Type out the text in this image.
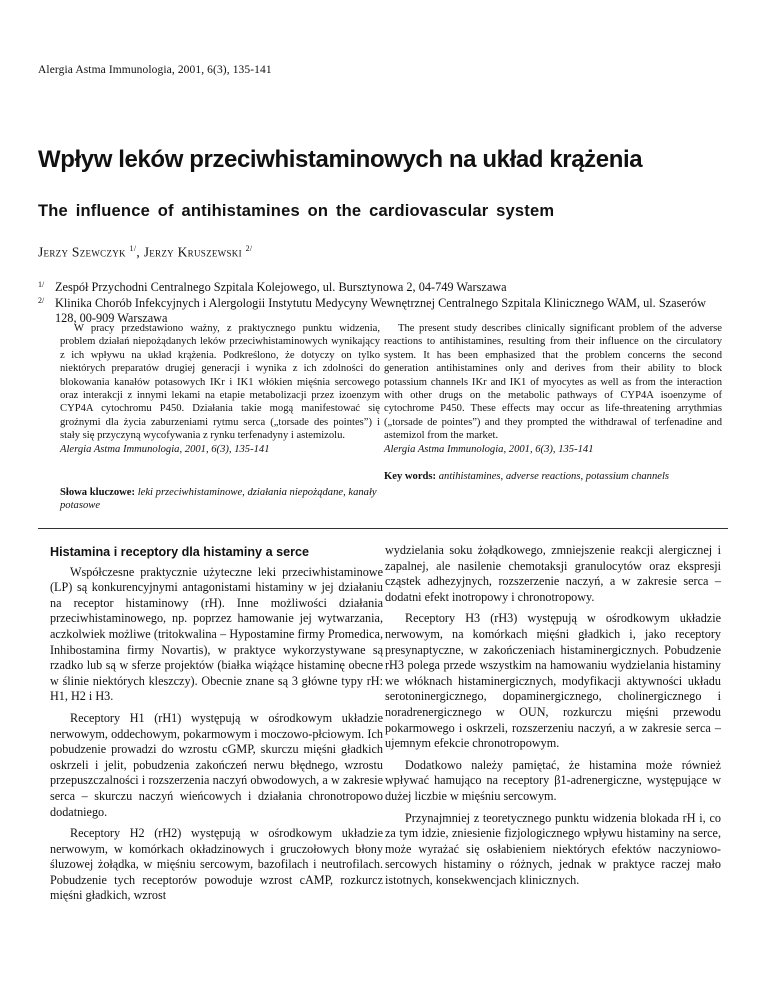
Alergia Astma Immunologia, 2001, 6(3), 135-141
Wpływ leków przeciwhistaminowych na układ krążenia
The influence of antihistamines on the cardiovascular system
Jerzy Szewczyk $^{1/}$, Jerzy Kruszewski $^{2/}$
1/ Zespół Przychodni Centralnego Szpitala Kolejowego, ul. Bursztynowa 2, 04-749 Warszawa
2/ Klinika Chorób Infekcyjnych i Alergologii Instytutu Medycyny Wewnętrznej Centralnego Szpitala Klinicznego WAM, ul. Szaserów 128, 00-909 Warszawa
W pracy przedstawiono ważny, z praktycznego punktu widzenia, problem działań niepożądanych leków przeciwhistaminowych wynikający z ich wpływu na układ krążenia. Podkreślono, że dotyczy on tylko niektórych preparatów drugiej generacji i wynika z ich zdolności do blokowania kanałów potasowych IKr i IK1 włókien mięśnia sercowego oraz interakcji z innymi lekami na etapie metabolizacji przez izoenzym CYP4A cytochromu P450. Działania takie mogą manifestować się groźnymi dla życia zaburzeniami rytmu serca („torsade des pointes”) i stały się przyczyną wycofywania z rynku terfenadyny i astemizolu.
Alergia Astma Immunologia, 2001, 6(3), 135-141
The present study describes clinically significant problem of the adverse reactions to antihistamines, resulting from their influence on the circulatory system. It has been emphasized that the problem concerns the second generation antihistamines only and derives from their ability to block potassium channels IKr and IK1 of myocytes as well as from the interaction with other drugs on the metabolic pathways of CYP4A isoenzyme of cytochrome P450. These effects may occur as life-threatening arrythmias („torsade de pointes”) and they prompted the withdrawal of terfenadine and astemizol from the market.
Alergia Astma Immunologia, 2001, 6(3), 135-141
Key words: antihistamines, adverse reactions, potassium channels
Słowa kluczowe: leki przeciwhistaminowe, działania niepożądane, kanały potasowe
Histamina i receptory dla histaminy a serce

Współczesne praktycznie użyteczne leki przeciwhistaminowe (LP) są konkurencyjnymi antagonistami histaminy w jej działaniu na receptor histaminowy (rH). Inne możliwości działania przeciwhistaminowego, np. poprzez hamowanie jej wytwarzania, aczkolwiek możliwe (tritokwalina – Hypostamine firmy Promedica, Inhibostamina firmy Novartis), w praktyce wykorzystywane są rzadko lub są w sferze projektów (białka wiążące histaminę obecne w ślinie niektórych kleszczy). Obecnie znane są 3 główne typy rH: H1, H2 i H3.

Receptory H1 (rH1) występują w ośrodkowym układzie nerwowym, oddechowym, pokarmowym i moczowo-płciowym. Ich pobudzenie prowadzi do wzrostu cGMP, skurczu mięśni gładkich oskrzeli i jelit, pobudzenia zakończeń nerwu błędnego, wzrostu przepuszczalności i rozszerzenia naczyń obwodowych, a w zakresie serca – skurczu naczyń wieńcowych i działania chronotropowo dodatniego.

Receptory H2 (rH2) występują w ośrodkowym układzie nerwowym, w komórkach okładzinowych i gruczołowych błony śluzowej żołądka, w mięśniu sercowym, bazofilach i neutrofilach. Pobudzenie tych receptorów powoduje wzrost cAMP, rozkurcz mięśni gładkich, wzrost

wydzielania soku żołądkowego, zmniejszenie reakcji alergicznej i zapalnej, ale nasilenie chemotaksji granulocytów oraz ekspresji cząstek adhezyjnych, rozszerzenie naczyń, a w zakresie serca – dodatni efekt inotropowy i chronotropowy.

Receptory H3 (rH3) występują w ośrodkowym układzie nerwowym, na komórkach mięśni gładkich i, jako receptory presynaptyczne, w zakończeniach histaminergicznych. Pobudzenie rH3 polega przede wszystkim na hamowaniu wydzielania histaminy we włóknach histaminergicznych, modyfikacji aktywności układu serotoninergicznego, dopaminergicznego, cholinergicznego i noradrenergicznego w OUN, rozkurczu mięśni przewodu pokarmowego i oskrzeli, rozszerzeniu naczyń, a w zakresie serca – ujemnym efekcie chronotropowym.

Dodatkowo należy pamiętać, że histamina może również wpływać hamująco na receptory β1-adrenergiczne, występujące w dużej liczbie w mięśniu sercowym.

Przynajmniej z teoretycznego punktu widzenia blokada rH i, co za tym idzie, zniesienie fizjologicznego wpływu histaminy na serce, może wyrażać się osłabieniem niektórych efektów naczyniowo-sercowych histaminy o różnych, jednak w praktyce raczej mało istotnych, konsekwencjach klinicznych.
